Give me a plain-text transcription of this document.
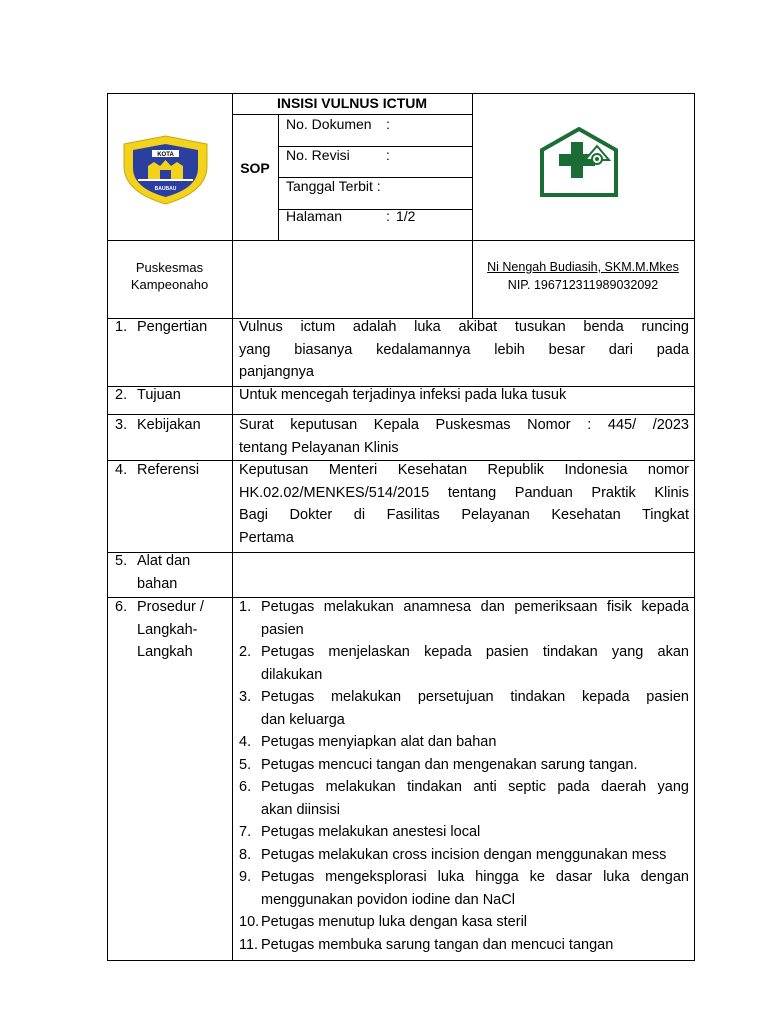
KOTA
BAUBAU
INSISI VULNUS ICTUM
SOP
No. Dokumen :
No. Revisi	:
Tanggal Terbit :
Halaman	: 1/2
Puskesmas
Kampeonaho
Ni Nengah Budiasih, SKM.M.Mkes
NIP. 196712311989032092
1. Pengertian Vulnus ictum adalah luka akibat tusukan benda runcing
yang biasanya kedalamannya lebih besar dari pada
panjangnya
2. Tujuan	Untuk mencegah terjadinya infeksi pada luka tusuk
3. Kebijakan	Surat keputusan Kepala Puskesmas Nomor : 445/ /2023
tentang Pelayanan Klinis
4. Referensi	Keputusan Menteri Kesehatan Republik Indonesia nomor
HK.02.02/MENKES/514/2015 tentang Panduan Praktik Klinis
Bagi Dokter di Fasilitas Pelayanan Kesehatan Tingkat
Pertama
5. Alat dan
bahan
6. Prosedur /
Langkah-
Langkah
1. Petugas melakukan anamnesa dan pemeriksaan fisik kepada
pasien
2. Petugas menjelaskan kepada pasien tindakan yang akan
dilakukan
3. Petugas melakukan persetujuan tindakan kepada pasien
dan keluarga
4. Petugas menyiapkan alat dan bahan
5. Petugas mencuci tangan dan mengenakan sarung tangan.
6. Petugas melakukan tindakan anti septic pada daerah yang
akan diinsisi
7. Petugas melakukan anestesi local
8. Petugas melakukan cross incision dengan menggunakan mess
9. Petugas mengeksplorasi luka hingga ke dasar luka dengan
menggunakan povidon iodine dan NaCl
10. Petugas menutup luka dengan kasa steril
11. Petugas membuka sarung tangan dan mencuci tangan
